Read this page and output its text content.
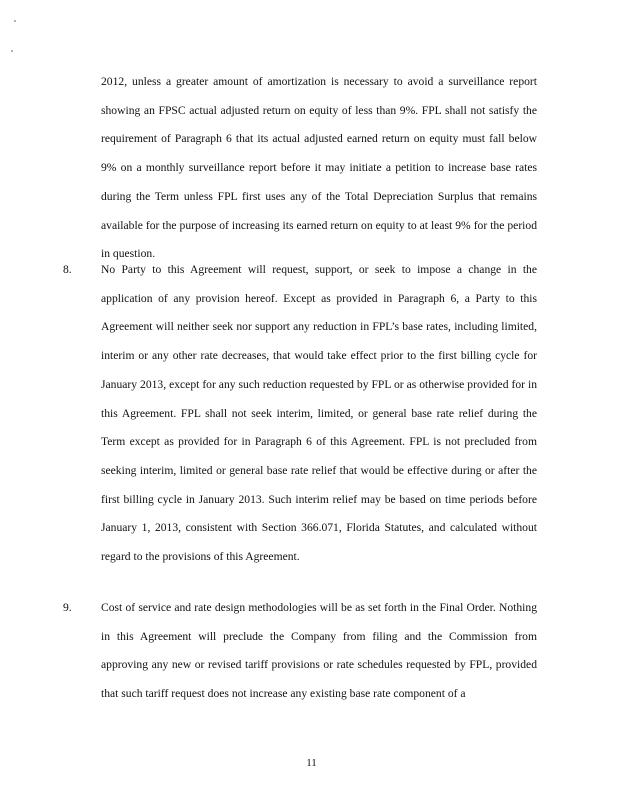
2012, unless a greater amount of amortization is necessary to avoid a surveillance report showing an FPSC actual adjusted return on equity of less than 9%. FPL shall not satisfy the requirement of Paragraph 6 that its actual adjusted earned return on equity must fall below 9% on a monthly surveillance report before it may initiate a petition to increase base rates during the Term unless FPL first uses any of the Total Depreciation Surplus that remains available for the purpose of increasing its earned return on equity to at least 9% for the period in question.
8.	No Party to this Agreement will request, support, or seek to impose a change in the application of any provision hereof. Except as provided in Paragraph 6, a Party to this Agreement will neither seek nor support any reduction in FPL’s base rates, including limited, interim or any other rate decreases, that would take effect prior to the first billing cycle for January 2013, except for any such reduction requested by FPL or as otherwise provided for in this Agreement. FPL shall not seek interim, limited, or general base rate relief during the Term except as provided for in Paragraph 6 of this Agreement. FPL is not precluded from seeking interim, limited or general base rate relief that would be effective during or after the first billing cycle in January 2013. Such interim relief may be based on time periods before January 1, 2013, consistent with Section 366.071, Florida Statutes, and calculated without regard to the provisions of this Agreement.
9.	Cost of service and rate design methodologies will be as set forth in the Final Order. Nothing in this Agreement will preclude the Company from filing and the Commission from approving any new or revised tariff provisions or rate schedules requested by FPL, provided that such tariff request does not increase any existing base rate component of a
11
